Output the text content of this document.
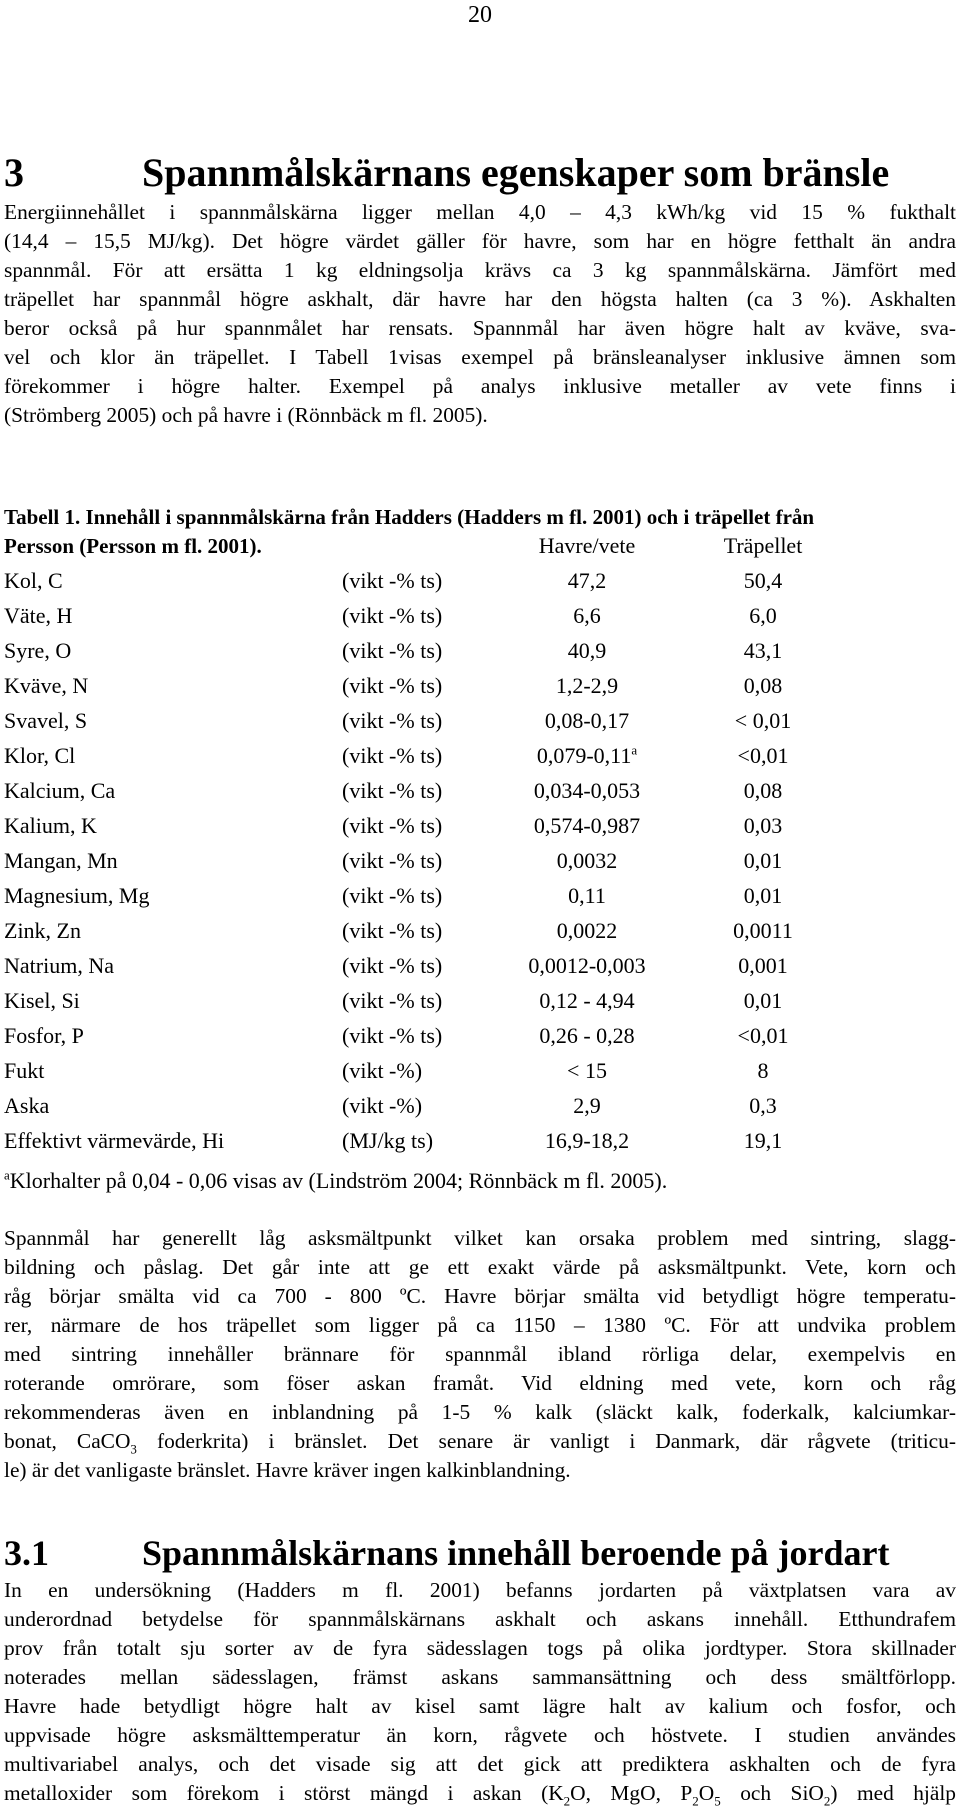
20
3	Spannmålskärnans egenskaper som bränsle
Energiinnehållet i spannmålskärna ligger mellan 4,0 – 4,3 kWh/kg vid 15 % fukthalt
(14,4 – 15,5 MJ/kg). Det högre värdet gäller för havre, som har en högre fetthalt än andra
spannmål. För att ersätta 1 kg eldningsolja krävs ca 3 kg spannmålskärna. Jämfört med
träpellet har spannmål högre askhalt, där havre har den högsta halten (ca 3 %). Askhalten
beror också på hur spannmålet har rensats. Spannmål har även högre halt av kväve, sva-
vel och klor än träpellet. I Tabell 1visas exempel på bränsleanalyser inklusive ämnen som
förekommer i högre halter. Exempel på analys inklusive metaller av vete finns i
(Strömberg 2005) och på havre i (Rönnbäck m fl. 2005).
Tabell 1. Innehåll i spannmålskärna från Hadders (Hadders m fl. 2001) och i träpellet från
Persson (Persson m fl. 2001).
			Havre/vete	Träpellet
Kol, C	(vikt -% ts)	47,2	50,4
Väte, H	(vikt -% ts)	6,6	6,0
Syre, O	(vikt -% ts)	40,9	43,1
Kväve, N	(vikt -% ts)	1,2-2,9	0,08
Svavel, S	(vikt -% ts)	0,08-0,17	< 0,01
Klor, Cl	(vikt -% ts)	0,079-0,11$^a$	<0,01
Kalcium, Ca	(vikt -% ts)	0,034-0,053	0,08
Kalium, K	(vikt -% ts)	0,574-0,987	0,03
Mangan, Mn	(vikt -% ts)	0,0032	0,01
Magnesium, Mg	(vikt -% ts)	0,11	0,01
Zink, Zn	(vikt -% ts)	0,0022	0,0011
Natrium, Na	(vikt -% ts)	0,0012-0,003	0,001
Kisel, Si	(vikt -% ts)	0,12 - 4,94	0,01
Fosfor, P	(vikt -% ts)	0,26 - 0,28	<0,01
Fukt	(vikt -%)	< 15	8
Aska	(vikt -%)	2,9	0,3
Effektivt värmevärde, Hi	(MJ/kg ts)	16,9-18,2	19,1
$^a$Klorhalter på 0,04 - 0,06 visas av (Lindström 2004; Rönnbäck m fl. 2005).
Spannmål har generellt låg asksmältpunkt vilket kan orsaka problem med sintring, slagg-
bildning och påslag. Det går inte att ge ett exakt värde på asksmältpunkt. Vete, korn och
råg börjar smälta vid ca 700 - 800 ºC. Havre börjar smälta vid betydligt högre temperatu-
rer, närmare de hos träpellet som ligger på ca 1150 – 1380 ºC. För att undvika problem
med sintring innehåller brännare för spannmål ibland rörliga delar, exempelvis en
roterande omrörare, som föser askan framåt. Vid eldning med vete, korn och råg
rekommenderas även en inblandning på 1-5 % kalk (släckt kalk, foderkalk, kalciumkar-
bonat, CaCO$_3$ foderkrita) i bränslet. Det senare är vanligt i Danmark, där rågvete (triticu-
le) är det vanligaste bränslet. Havre kräver ingen kalkinblandning.
3.1	Spannmålskärnans innehåll beroende på jordart
In en undersökning (Hadders m fl. 2001) befanns jordarten på växtplatsen vara av
underordnad betydelse för spannmålskärnans askhalt och askans innehåll. Etthundrafem
prov från totalt sju sorter av de fyra sädesslagen togs på olika jordtyper. Stora skillnader
noterades mellan sädesslagen, främst askans sammansättning och dess smältförlopp.
Havre hade betydligt högre halt av kisel samt lägre halt av kalium och fosfor, och
uppvisade högre asksmälttemperatur än korn, rågvete och höstvete. I studien användes
multivariabel analys, och det visade sig att det gick att prediktera askhalten och de fyra
metalloxider som förekom i störst mängd i askan ($K_2O$, MgO, $P_2O_5$ och SiO$_2$) med hjälp
